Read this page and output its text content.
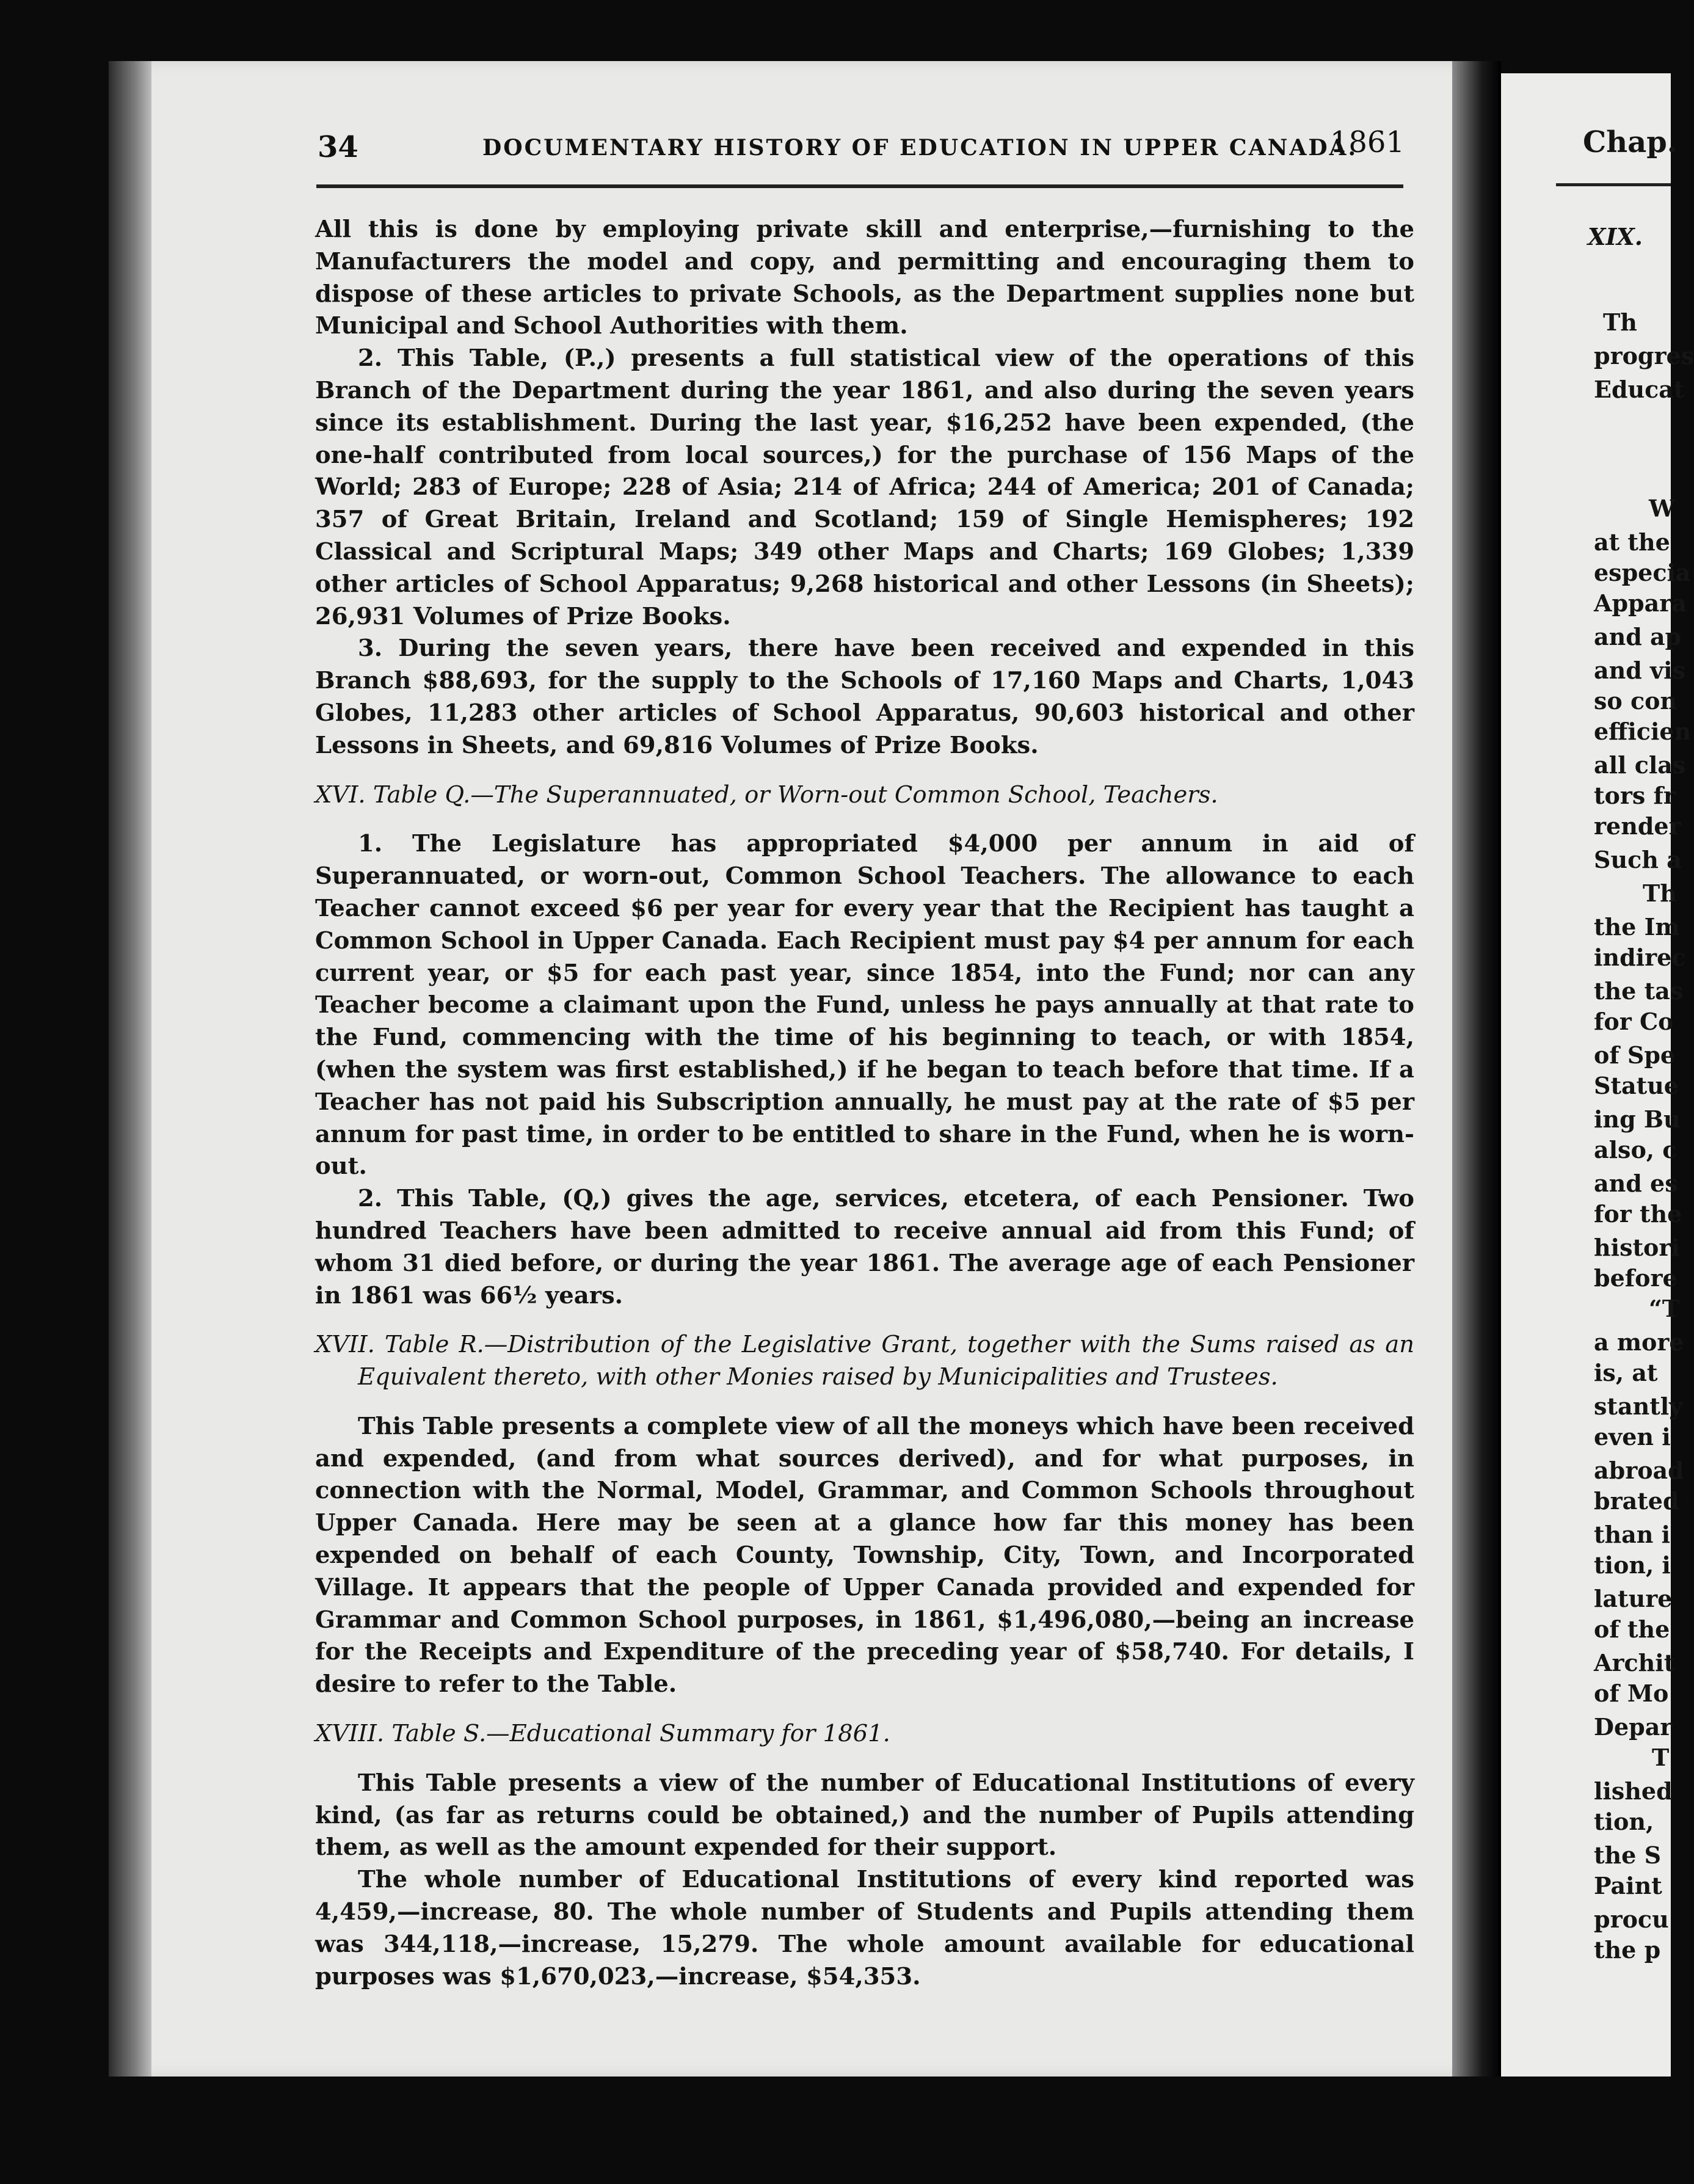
34	DOCUMENTARY HISTORY OF EDUCATION IN UPPER CANADA.
1861

All this is done by employing private skill and enterprise,—furnishing to the Manufacturers the model and copy, and permitting and encouraging them to dispose of these articles to private Schools, as the Department supplies none but Municipal and School Authorities with them.

2. This Table, (P.,) presents a full statistical view of the operations of this Branch of the Department during the year 1861, and also during the seven years since its establishment. During the last year, $16,252 have been expended, (the one-half contributed from local sources,) for the purchase of 156 Maps of the World; 283 of Europe; 228 of Asia; 214 of Africa; 244 of America; 201 of Canada; 357 of Great Britain, Ireland and Scotland; 159 of Single Hemispheres; 192 Classical and Scriptural Maps; 349 other Maps and Charts; 169 Globes; 1,339 other articles of School Apparatus; 9,268 historical and other Lessons (in Sheets); 26,931 Volumes of Prize Books.

3. During the seven years, there have been received and expended in this Branch $88,693, for the supply to the Schools of 17,160 Maps and Charts, 1,043 Globes, 11,283 other articles of School Apparatus, 90,603 historical and other Lessons in Sheets, and 69,816 Volumes of Prize Books.

XVI. Table Q.—The Superannuated, or Worn-out Common School, Teachers.

1. The Legislature has appropriated $4,000 per annum in aid of Superannuated, or worn-out, Common School Teachers. The allowance to each Teacher cannot exceed $6 per year for every year that the Recipient has taught a Common School in Upper Canada. Each Recipient must pay $4 per annum for each current year, or $5 for each past year, since 1854, into the Fund; nor can any Teacher become a claimant upon the Fund, unless he pays annually at that rate to the Fund, commencing with the time of his beginning to teach, or with 1854, (when the system was first established,) if he began to teach before that time. If a Teacher has not paid his Subscription annually, he must pay at the rate of $5 per annum for past time, in order to be entitled to share in the Fund, when he is worn-out.

2. This Table, (Q,) gives the age, services, etcetera, of each Pensioner. Two hundred Teachers have been admitted to receive annual aid from this Fund; of whom 31 died before, or during the year 1861. The average age of each Pensioner in 1861 was 66½ years.

XVII. Table R.—Distribution of the Legislative Grant, together with the Sums raised as an Equivalent thereto, with other Monies raised by Municipalities and Trustees.

This Table presents a complete view of all the moneys which have been received and expended, (and from what sources derived), and for what purposes, in connection with the Normal, Model, Grammar, and Common Schools throughout Upper Canada. Here may be seen at a glance how far this money has been expended on behalf of each County, Township, City, Town, and Incorporated Village. It appears that the people of Upper Canada provided and expended for Grammar and Common School purposes, in 1861, $1,496,080,—being an increase for the Receipts and Expenditure of the preceding year of $58,740. For details, I desire to refer to the Table.

XVIII. Table S.—Educational Summary for 1861.

This Table presents a view of the number of Educational Institutions of every kind, (as far as returns could be obtained,) and the number of Pupils attending them, as well as the amount expended for their support.

The whole number of Educational Institutions of every kind reported was 4,459,—increase, 80. The whole number of Students and Pupils attending them was 344,118,—increase, 15,279. The whole amount available for educational purposes was $1,670,023,—increase, $54,353.

Chap.
XIX.
Th
progres
Educat
W
at the
especia
Appara
and ap
and vis
so con
efficien
all clas
tors fr
render
Such a
Th
the Im
indirec
the tas
for Co
of Spe
Statue
ing Bu
also, c
and es
for the
histori
before
“T
a more
is, at
stantly
even i
abroad
brated
than i
tion, i
lature
of the
Archit
of Mo
Depar
T
lished
tion,
the S
Paint
procu
the p
